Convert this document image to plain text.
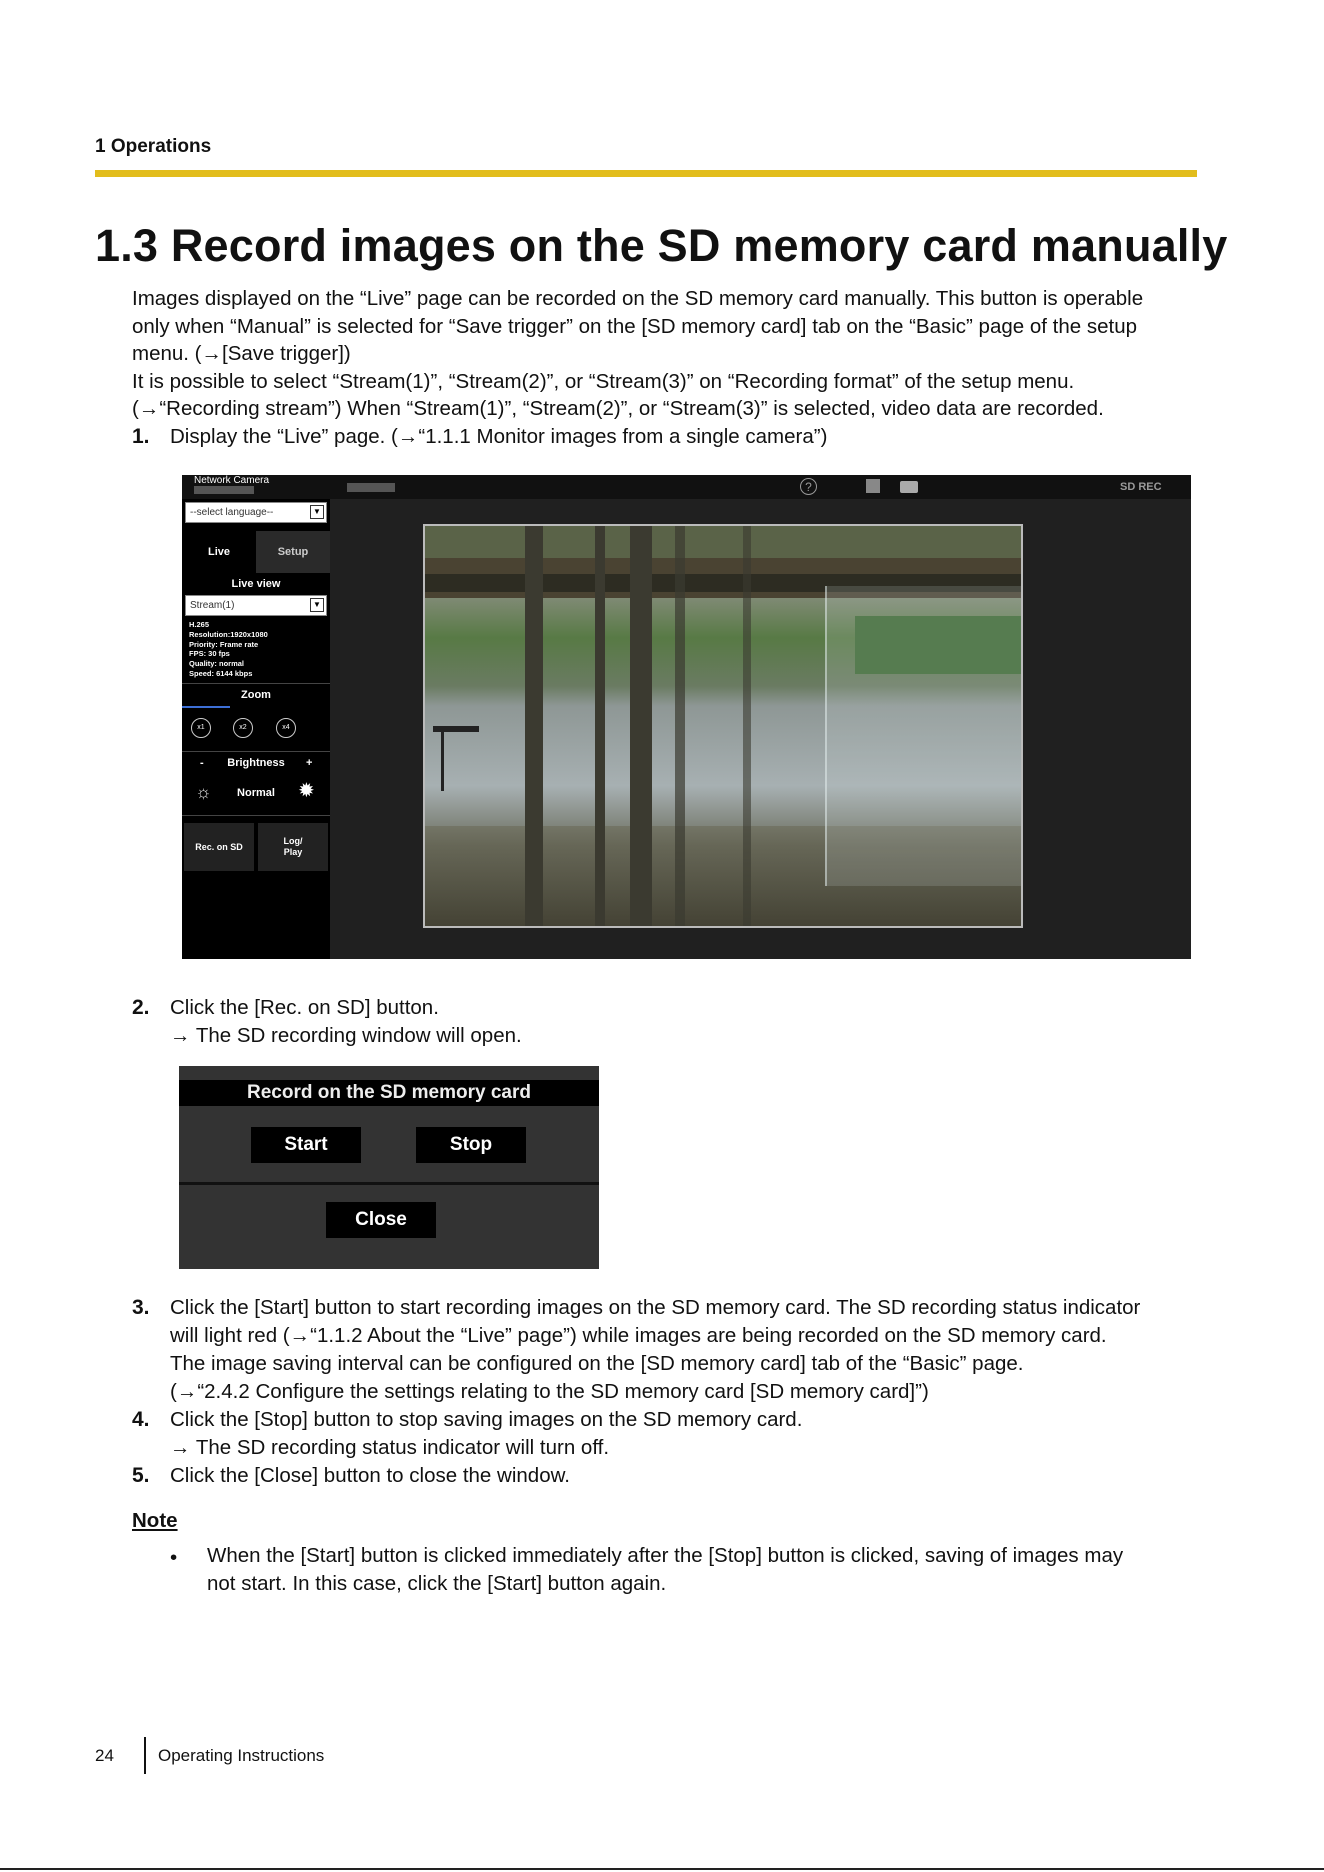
1 Operations
1.3 Record images on the SD memory card manually
Images displayed on the “Live” page can be recorded on the SD memory card manually. This button is operable
only when “Manual” is selected for “Save trigger” on the [SD memory card] tab on the “Basic” page of the setup
menu. (→[Save trigger])
It is possible to select “Stream(1)”, “Stream(2)”, or “Stream(3)” on “Recording format” of the setup menu.
(→“Recording stream”) When “Stream(1)”, “Stream(2)”, or “Stream(3)” is selected, video data are recorded.
1. Display the “Live” page. (→“1.1.1 Monitor images from a single camera”)
Network Camera	?	SD REC
--select language--	▼
Live	Setup
Live view
Stream(1)	▼
H.265
Resolution:1920x1080
Priority: Frame rate
FPS: 30 fps
Quality: normal
Speed: 6144 kbps
Zoom
x1	x2	x4
-	Brightness	+
☼	Normal	✹
Rec. on SD
Log/
Play
2. Click the [Rec. on SD] button.
→ The SD recording window will open.
Record on the SD memory card
Start	Stop
Close
3. Click the [Start] button to start recording images on the SD memory card. The SD recording status indicator
will light red (→“1.1.2 About the “Live” page”) while images are being recorded on the SD memory card.
The image saving interval can be configured on the [SD memory card] tab of the “Basic” page.
(→“2.4.2 Configure the settings relating to the SD memory card [SD memory card]”)
4. Click the [Stop] button to stop saving images on the SD memory card.
→ The SD recording status indicator will turn off.
5. Click the [Close] button to close the window.
Note
• When the [Start] button is clicked immediately after the [Stop] button is clicked, saving of images may
not start. In this case, click the [Start] button again.
24	Operating Instructions
